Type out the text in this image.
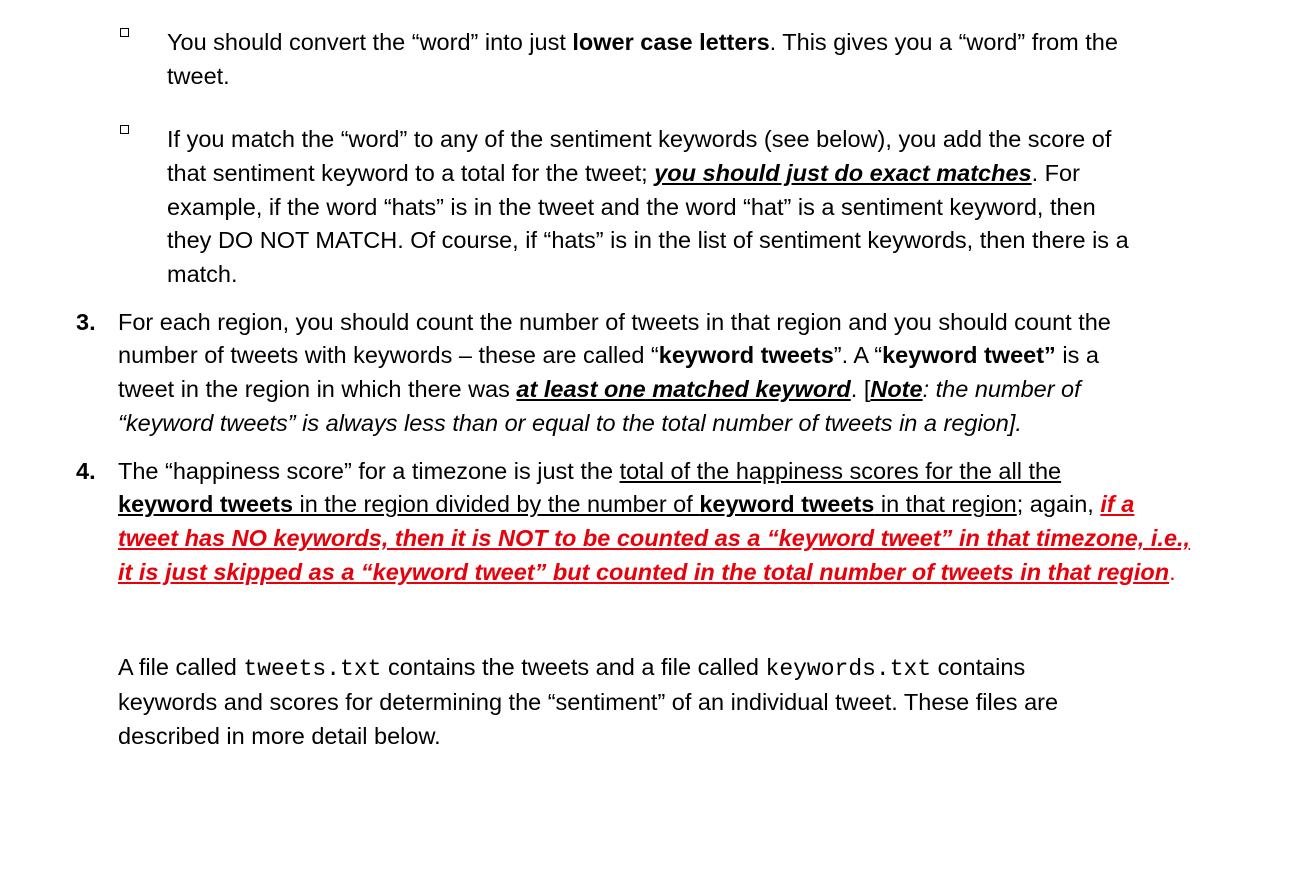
You should convert the “word” into just lower case letters. This gives you a “word” from the
tweet.
If you match the “word” to any of the sentiment keywords (see below), you add the score of
that sentiment keyword to a total for the tweet; you should just do exact matches. For
example, if the word “hats” is in the tweet and the word “hat” is a sentiment keyword, then
they DO NOT MATCH. Of course, if “hats” is in the list of sentiment keywords, then there is a
match.
3. For each region, you should count the number of tweets in that region and you should count the
number of tweets with keywords – these are called “keyword tweets”. A “keyword tweet” is a
tweet in the region in which there was at least one matched keyword. [Note: the number of
“keyword tweets” is always less than or equal to the total number of tweets in a region].
4. The “happiness score” for a timezone is just the total of the happiness scores for the all the
keyword tweets in the region divided by the number of keyword tweets in that region; again, if a
tweet has NO keywords, then it is NOT to be counted as a “keyword tweet” in that timezone, i.e.,
it is just skipped as a “keyword tweet” but counted in the total number of tweets in that region.
A file called tweets.txt contains the tweets and a file called keywords.txt contains
keywords and scores for determining the “sentiment” of an individual tweet. These files are
described in more detail below.
